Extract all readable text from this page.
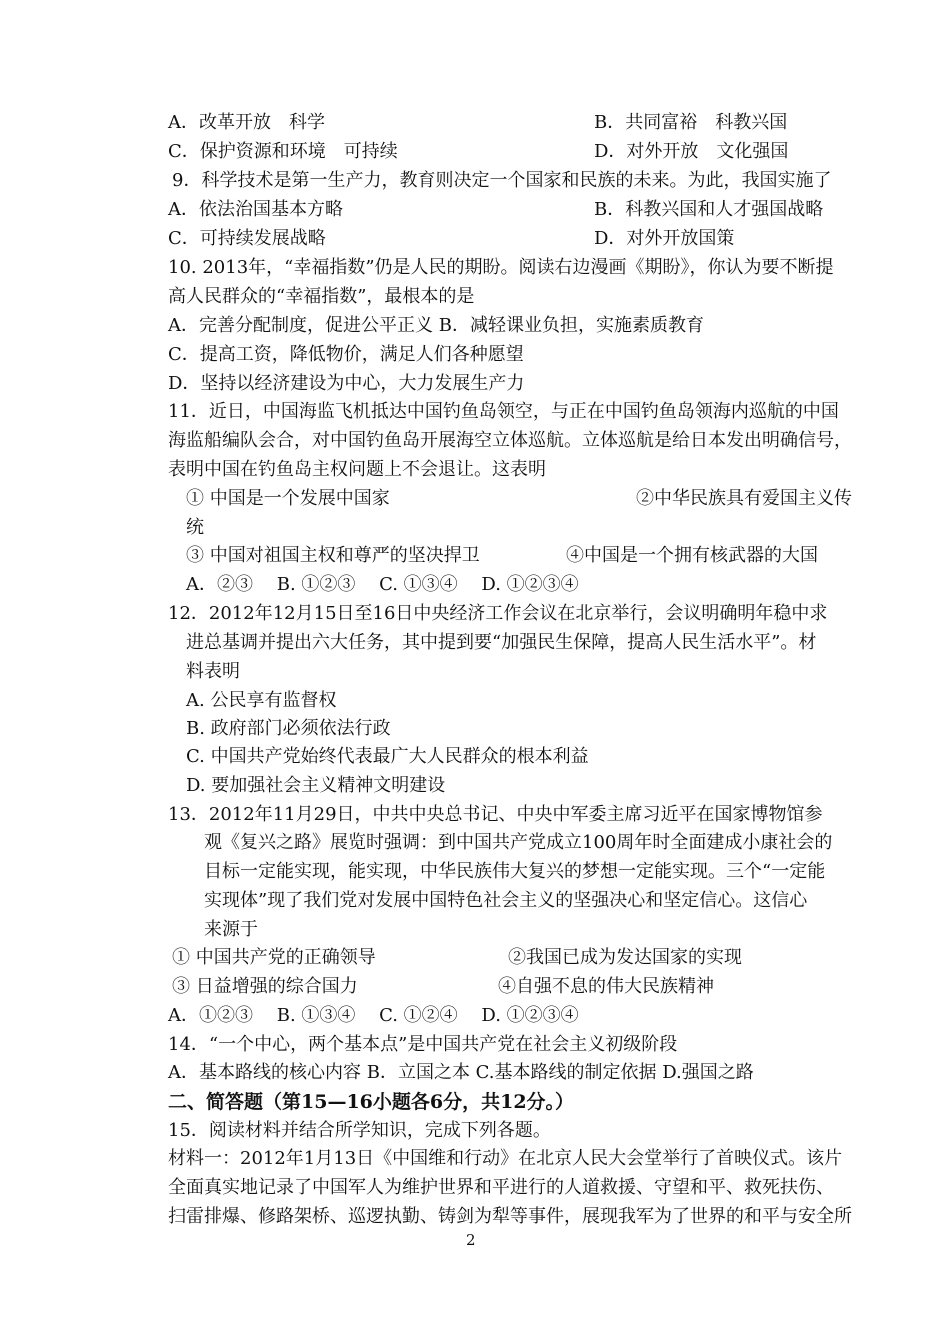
A．改革开放　科学	B．共同富裕　科教兴国
C．保护资源和环境　可持续	D．对外开放　文化强国
9．科学技术是第一生产力，教育则决定一个国家和民族的未来。为此，我国实施了
A．依法治国基本方略	B．科教兴国和人才强国战略
C．可持续发展战略	D．对外开放国策
10. 2013年，“幸福指数”仍是人民的期盼。阅读右边漫画《期盼》，你认为要不断提
高人民群众的“幸福指数”，最根本的是
A．完善分配制度，促进公平正义 B．减轻课业负担，实施素质教育
C．提高工资，降低物价，满足人们各种愿望
D．坚持以经济建设为中心，大力发展生产力
11．近日，中国海监飞机抵达中国钓鱼岛领空，与正在中国钓鱼岛领海内巡航的中国
海监船编队会合，对中国钓鱼岛开展海空立体巡航。立体巡航是给日本发出明确信号，
表明中国在钓鱼岛主权问题上不会退让。这表明
① 中国是一个发展中国家	②中华民族具有爱国主义传
统
③ 中国对祖国主权和尊严的坚决捍卫	④中国是一个拥有核武器的大国
A．②③　 B. ①②③　 C. ①③④　 D. ①②③④
12．2012年12月15日至16日中央经济工作会议在北京举行，会议明确明年稳中求
进总基调并提出六大任务，其中提到要“加强民生保障，提高人民生活水平”。材
料表明
A. 公民享有监督权
B. 政府部门必须依法行政
C. 中国共产党始终代表最广大人民群众的根本利益
D. 要加强社会主义精神文明建设
13．2012年11月29日，中共中央总书记、中央中军委主席习近平在国家博物馆参
观《复兴之路》展览时强调：到中国共产党成立100周年时全面建成小康社会的
目标一定能实现，能实现，中华民族伟大复兴的梦想一定能实现。三个“一定能
实现体”现了我们党对发展中国特色社会主义的坚强决心和坚定信心。这信心
来源于
① 中国共产党的正确领导	②我国已成为发达国家的实现
③ 日益增强的综合国力	④自强不息的伟大民族精神
A．①②③　 B. ①③④　 C. ①②④　 D. ①②③④
14．“一个中心，两个基本点”是中国共产党在社会主义初级阶段
A．基本路线的核心内容 B．立国之本 C.基本路线的制定依据 D.强国之路
二、简答题（第15—16小题各6分，共12分。）
15．阅读材料并结合所学知识，完成下列各题。
材料一：2012年1月13日《中国维和行动》在北京人民大会堂举行了首映仪式。该片
全面真实地记录了中国军人为维护世界和平进行的人道救援、守望和平、救死扶伤、
扫雷排爆、修路架桥、巡逻执勤、铸剑为犁等事件，展现我军为了世界的和平与安全所
2
